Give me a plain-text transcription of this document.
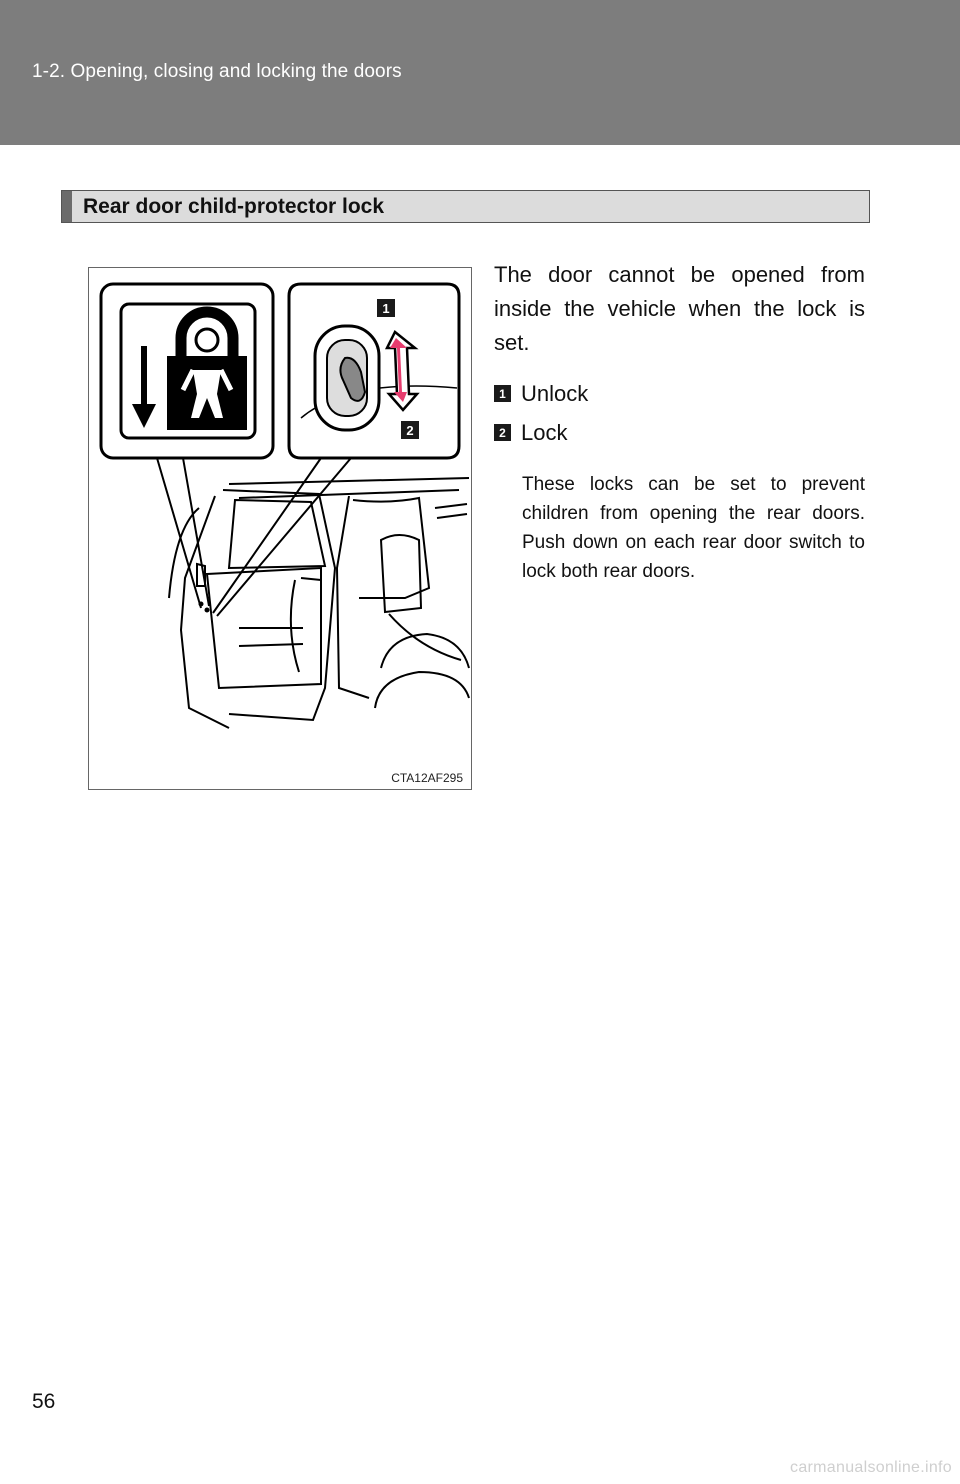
1-2. Opening, closing and locking the doors
Rear door child-protector lock
1
2
CTA12AF295

The door cannot be opened from inside the vehicle when the lock is set.

1 Unlock
2 Lock

These locks can be set to prevent children from opening the rear doors. Push down on each rear door switch to lock both rear doors.

56
carmanualsonline.info
